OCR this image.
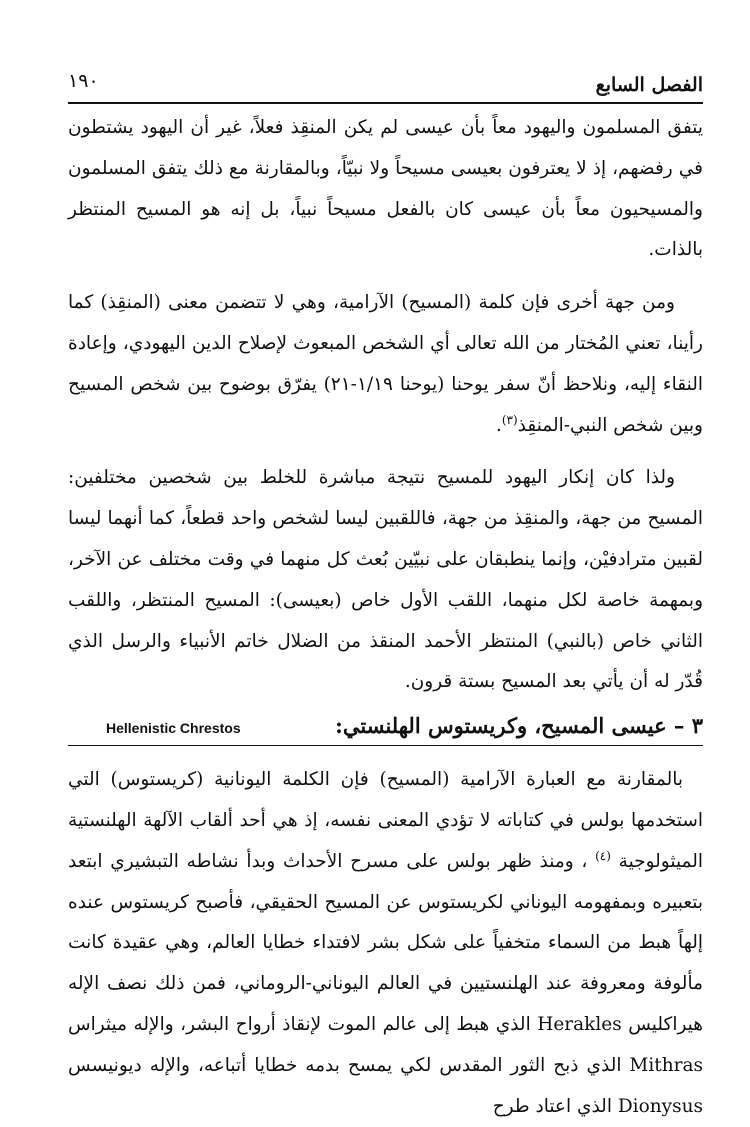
الفصل السابع
١٩٠

يتفق المسلمون واليهود معاً بأن عيسى لم يكن المنقِذ فعلاً، غير أن اليهود يشتطون في رفضهم، إذ لا يعترفون بعيسى مسيحاً ولا نبيّاً، وبالمقارنة مع ذلك يتفق المسلمون والمسيحيون معاً بأن عيسى كان بالفعل مسيحاً نبياً، بل إنه هو المسيح المنتظر بالذات.

ومن جهة أخرى فإن كلمة (المسيح) الآرامية، وهي لا تتضمن معنى (المنقِذ) كما رأينا، تعني المُختار من الله تعالى أي الشخص المبعوث لإصلاح الدين اليهودي، وإعادة النقاء إليه، ونلاحظ أنّ سفر يوحنا (يوحنا ١/١٩-٢١) يفرّق بوضوح بين شخص المسيح وبين شخص النبي-المنقِذ$^{(٣)}$.

ولذا كان إنكار اليهود للمسيح نتيجة مباشرة للخلط بين شخصين مختلفين: المسيح من جهة، والمنقِذ من جهة، فاللقبين ليسا لشخص واحد قطعاً، كما أنهما ليسا لقبين مترادفيْن، وإنما ينطبقان على نبيّين بُعث كل منهما في وقت مختلف عن الآخر، وبمهمة خاصة لكل منهما، اللقب الأول خاص (بعيسى): المسيح المنتظر، واللقب الثاني خاص (بالنبي) المنتظر الأحمد المنقذ من الضلال خاتم الأنبياء والرسل الذي قُدّر له أن يأتي بعد المسيح بستة قرون.

٣ – عيسى المسيح، وكريستوس الهلنستي:
Hellenistic Chrestos

بالمقارنة مع العبارة الآرامية (المسيح) فإن الكلمة اليونانية (كريستوس) التي استخدمها بولس في كتاباته لا تؤدي المعنى نفسه، إذ هي أحد ألقاب الآلهة الهلنستية الميثولوجية $^{(٤)}$ ، ومنذ ظهر بولس على مسرح الأحداث وبدأ نشاطه التبشيري ابتعد بتعبيره وبمفهومه اليوناني لكريستوس عن المسيح الحقيقي، فأصبح كريستوس عنده إلهاً هبط من السماء متخفياً على شكل بشر لافتداء خطايا العالم، وهي عقيدة كانت مألوفة ومعروفة عند الهلنستيين في العالم اليوناني-الروماني، فمن ذلك نصف الإله هيراكليس Herakles الذي هبط إلى عالم الموت لإنقاذ أرواح البشر، والإله ميثراس Mithras الذي ذبح الثور المقدس لكي يمسح بدمه خطايا أتباعه، والإله ديونيسس Dionysus الذي اعتاد طرح
